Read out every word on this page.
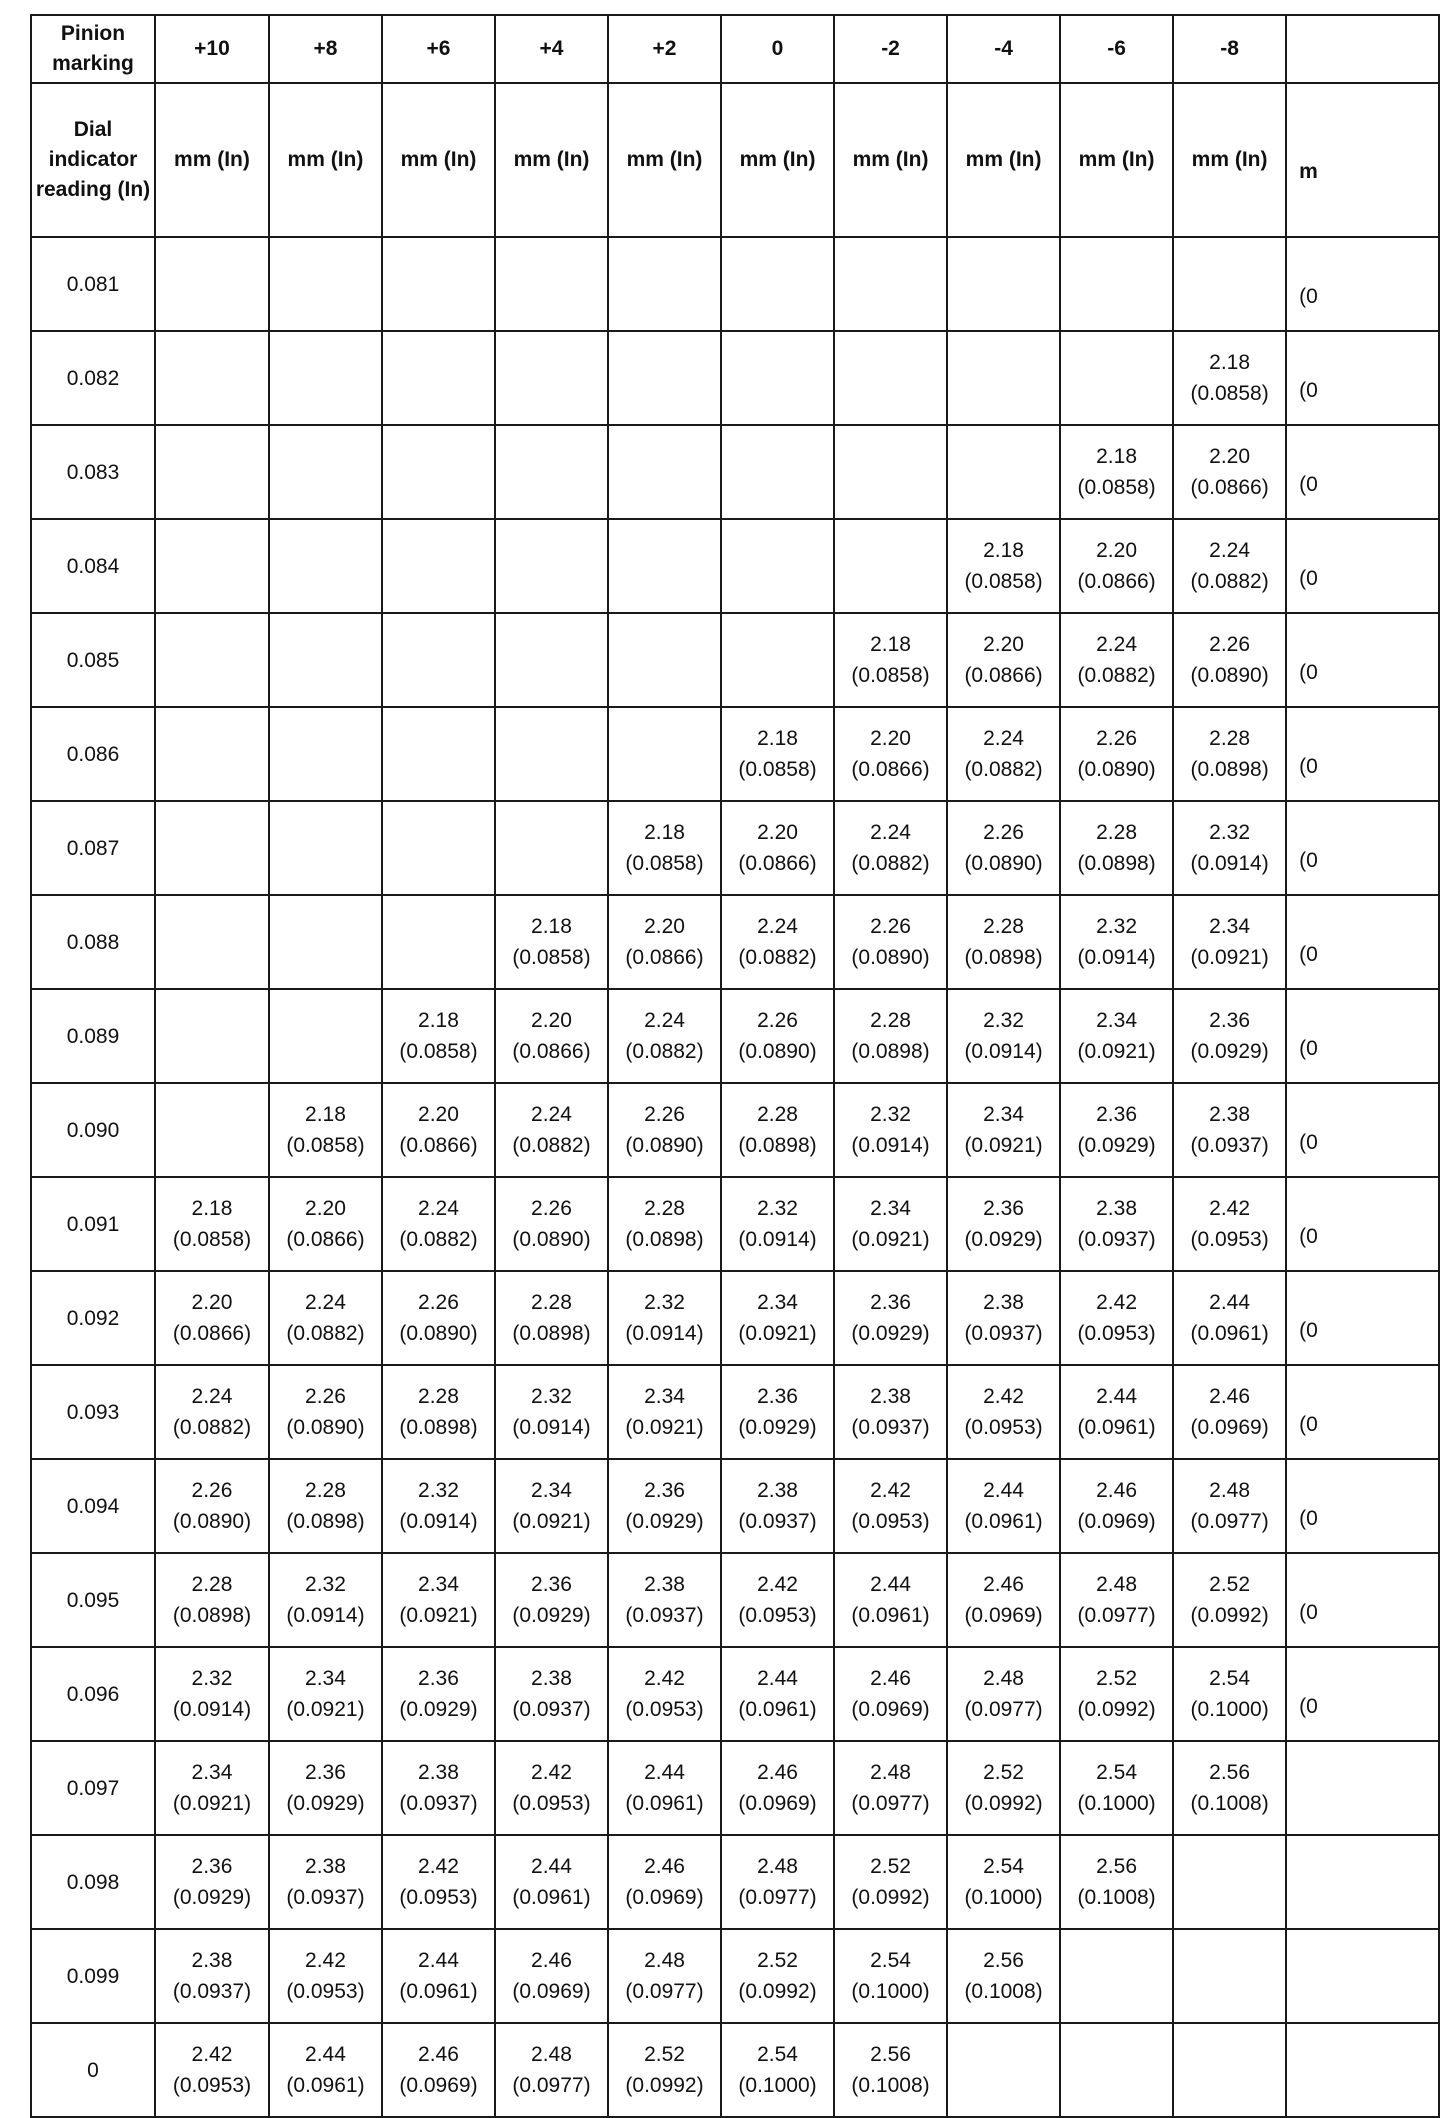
Pinion marking	+10	+8	+6	+4	+2	0	-2	-4	-6	-8	
Dial indicator reading (In)	mm (In)	mm (In)	mm (In)	mm (In)	mm (In)	mm (In)	mm (In)	mm (In)	mm (In)	mm (In)	m
0.081											(0
0.082										2.18
(0.0858)	(0
0.083									2.18
(0.0858)	2.20
(0.0866)	(0
0.084								2.18
(0.0858)	2.20
(0.0866)	2.24
(0.0882)	(0
0.085							2.18
(0.0858)	2.20
(0.0866)	2.24
(0.0882)	2.26
(0.0890)	(0
0.086						2.18
(0.0858)	2.20
(0.0866)	2.24
(0.0882)	2.26
(0.0890)	2.28
(0.0898)	(0
0.087					2.18
(0.0858)	2.20
(0.0866)	2.24
(0.0882)	2.26
(0.0890)	2.28
(0.0898)	2.32
(0.0914)	(0
0.088				2.18
(0.0858)	2.20
(0.0866)	2.24
(0.0882)	2.26
(0.0890)	2.28
(0.0898)	2.32
(0.0914)	2.34
(0.0921)	(0
0.089			2.18
(0.0858)	2.20
(0.0866)	2.24
(0.0882)	2.26
(0.0890)	2.28
(0.0898)	2.32
(0.0914)	2.34
(0.0921)	2.36
(0.0929)	(0
0.090		2.18
(0.0858)	2.20
(0.0866)	2.24
(0.0882)	2.26
(0.0890)	2.28
(0.0898)	2.32
(0.0914)	2.34
(0.0921)	2.36
(0.0929)	2.38
(0.0937)	(0
0.091	2.18
(0.0858)	2.20
(0.0866)	2.24
(0.0882)	2.26
(0.0890)	2.28
(0.0898)	2.32
(0.0914)	2.34
(0.0921)	2.36
(0.0929)	2.38
(0.0937)	2.42
(0.0953)	(0
0.092	2.20
(0.0866)	2.24
(0.0882)	2.26
(0.0890)	2.28
(0.0898)	2.32
(0.0914)	2.34
(0.0921)	2.36
(0.0929)	2.38
(0.0937)	2.42
(0.0953)	2.44
(0.0961)	(0
0.093	2.24
(0.0882)	2.26
(0.0890)	2.28
(0.0898)	2.32
(0.0914)	2.34
(0.0921)	2.36
(0.0929)	2.38
(0.0937)	2.42
(0.0953)	2.44
(0.0961)	2.46
(0.0969)	(0
0.094	2.26
(0.0890)	2.28
(0.0898)	2.32
(0.0914)	2.34
(0.0921)	2.36
(0.0929)	2.38
(0.0937)	2.42
(0.0953)	2.44
(0.0961)	2.46
(0.0969)	2.48
(0.0977)	(0
0.095	2.28
(0.0898)	2.32
(0.0914)	2.34
(0.0921)	2.36
(0.0929)	2.38
(0.0937)	2.42
(0.0953)	2.44
(0.0961)	2.46
(0.0969)	2.48
(0.0977)	2.52
(0.0992)	(0
0.096	2.32
(0.0914)	2.34
(0.0921)	2.36
(0.0929)	2.38
(0.0937)	2.42
(0.0953)	2.44
(0.0961)	2.46
(0.0969)	2.48
(0.0977)	2.52
(0.0992)	2.54
(0.1000)	(0
0.097	2.34
(0.0921)	2.36
(0.0929)	2.38
(0.0937)	2.42
(0.0953)	2.44
(0.0961)	2.46
(0.0969)	2.48
(0.0977)	2.52
(0.0992)	2.54
(0.1000)	2.56
(0.1008)	

0.098	2.36
(0.0929)	2.38
(0.0937)	2.42
(0.0953)	2.44
(0.0961)	2.46
(0.0969)	2.48
(0.0977)	2.52
(0.0992)	2.54
(0.1000)	2.56
(0.1008)		

0.099	2.38
(0.0937)	2.42
(0.0953)	2.44
(0.0961)	2.46
(0.0969)	2.48
(0.0977)	2.52
(0.0992)	2.54
(0.1000)	2.56
(0.1008)			

0	2.42
(0.0953)	2.44
(0.0961)	2.46
(0.0969)	2.48
(0.0977)	2.52
(0.0992)	2.54
(0.1000)	2.56
(0.1008)				
